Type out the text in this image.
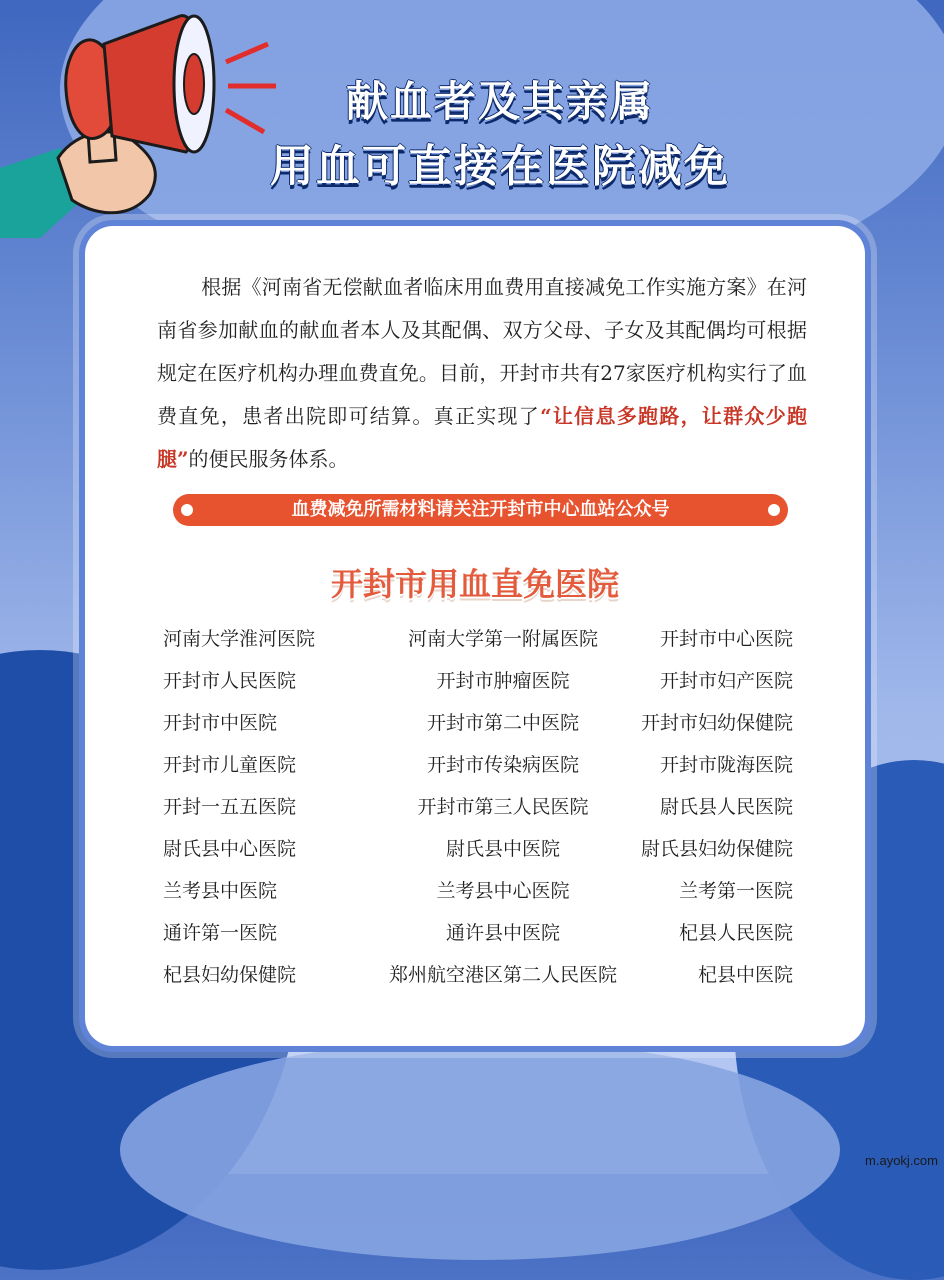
献血者及其亲属
用血可直接在医院减免

根据《河南省无偿献血者临床用血费用直接减免工作实施方案》在河南省参加献血的献血者本人及其配偶、双方父母、子女及其配偶均可根据规定在医疗机构办理血费直免。目前，开封市共有27家医疗机构实行了血费直免，患者出院即可结算。真正实现了“让信息多跑路，让群众少跑腿”的便民服务体系。

血费减免所需材料请关注开封市中心血站公众号
开封市用血直免医院
河南大学淮河医院	河南大学第一附属医院	开封市中心医院
开封市人民医院	开封市肿瘤医院	开封市妇产医院
开封市中医院	开封市第二中医院	开封市妇幼保健院
开封市儿童医院	开封市传染病医院	开封市陇海医院
开封一五五医院	开封市第三人民医院	尉氏县人民医院
尉氏县中心医院	尉氏县中医院	尉氏县妇幼保健院
兰考县中医院	兰考县中心医院	兰考第一医院
通许第一医院	通许县中医院	杞县人民医院
杞县妇幼保健院	郑州航空港区第二人民医院	杞县中医院
m.ayokj.com
